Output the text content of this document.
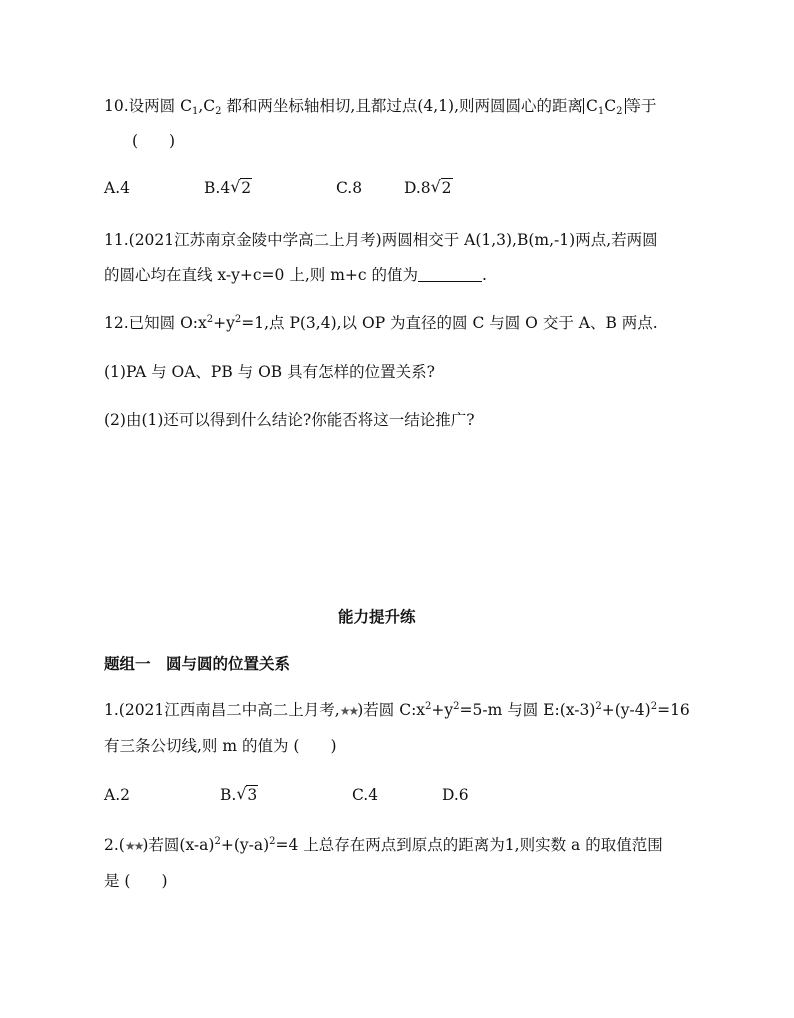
10.设两圆 $C_1,C_2$ 都和两坐标轴相切,且都过点(4,1),则两圆圆心的距离 $C_1C_2$ 等于
(　　)
A.4	B.4 √ 2	C.8	D.8 √ 2
11.(2021江苏南京金陵中学高二上月考)两圆相交于 A(1,3),B(m,-1)两点,若两圆
的圆心均在直线 x-y+c=0 上,则 m+c 的值为	.
12.已知圆 $O:x^2+y^2=1$,点 P(3,4),以 OP 为直径的圆 C 与圆 O 交于 A、B 两点.
(1)PA 与 OA、PB 与 OB 具有怎样的位置关系?
(2)由(1)还可以得到什么结论?你能否将这一结论推广?
能力提升练
题组一　圆与圆的位置关系
1.(2021江西南昌二中高二上月考,★★)若圆 $C:x^2+y^2=5-m$ 与圆 $E:(x-3)^2+(y-4)^2=16$
有三条公切线,则 m 的值为 (　　)
A.2	B. √ 3	C.4	D.6
2.(★★)若圆$(x-a)^2+(y-a)^2=4$ 上总存在两点到原点的距离为1,则实数 a 的取值范围
是 (　　)
